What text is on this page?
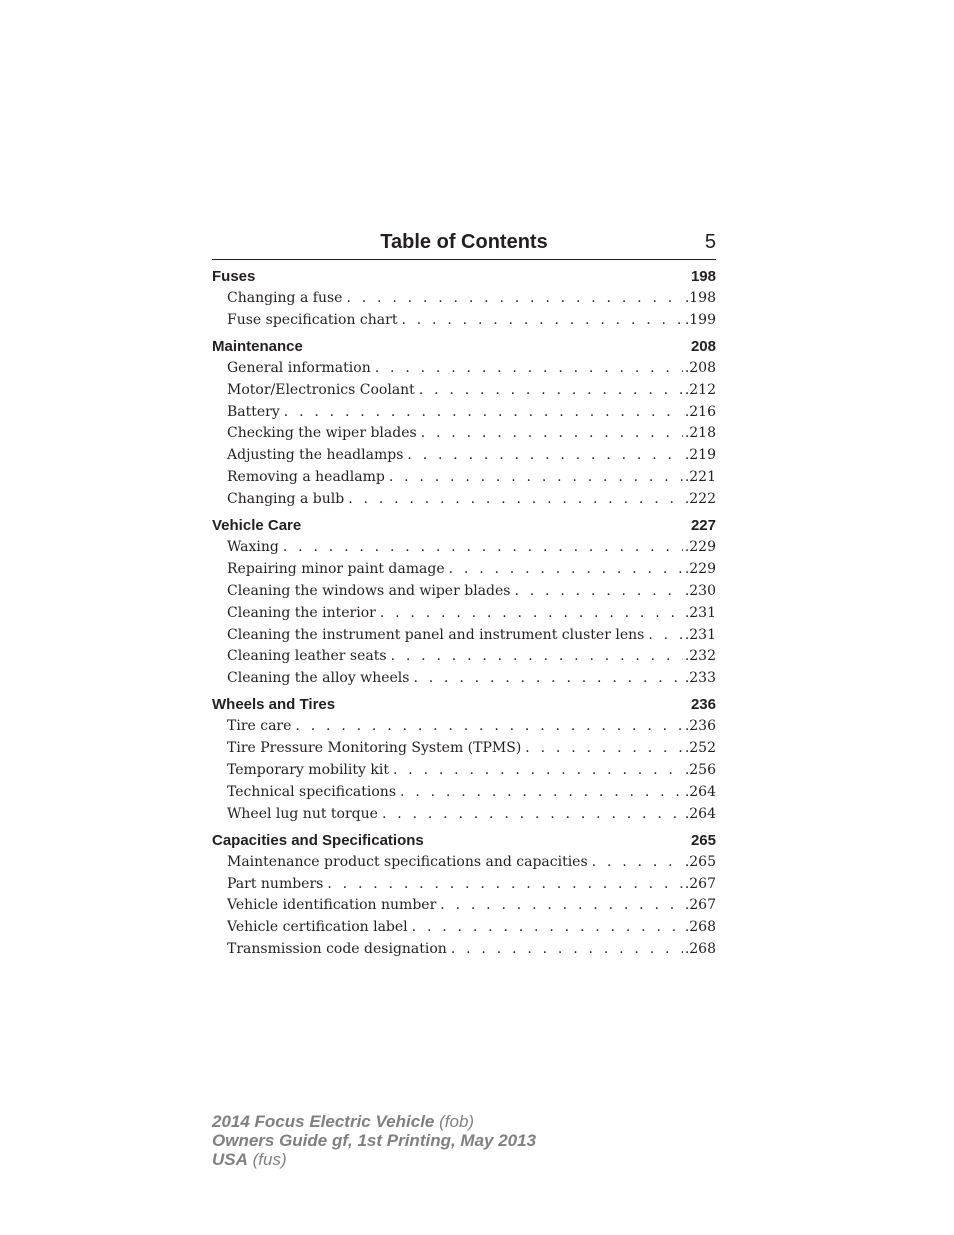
Table of Contents	5
Fuses	198
Changing a fuse . . .	.198
Fuse specification chart . . .	.199
Maintenance	208
General information . . .	.208
Motor/Electronics Coolant . . .	.212
Battery . . .	.216
Checking the wiper blades . . .	.218
Adjusting the headlamps . . .	.219
Removing a headlamp . . .	.221
Changing a bulb . . .	.222
Vehicle Care	227
Waxing . . .	.229
Repairing minor paint damage . . .	.229
Cleaning the windows and wiper blades . . .	.230
Cleaning the interior . . .	.231
Cleaning the instrument panel and instrument cluster lens . . .	.231
Cleaning leather seats . . .	.232
Cleaning the alloy wheels . . .	.233
Wheels and Tires	236
Tire care . . .	.236
Tire Pressure Monitoring System (TPMS) . . .	.252
Temporary mobility kit . . .	.256
Technical specifications . . .	.264
Wheel lug nut torque . . .	.264
Capacities and Specifications	265
Maintenance product specifications and capacities . . .	.265
Part numbers . . .	.267
Vehicle identification number . . .	.267
Vehicle certification label . . .	.268
Transmission code designation . . .	.268
2014 Focus Electric Vehicle (fob)
Owners Guide gf, 1st Printing, May 2013
USA (fus)
